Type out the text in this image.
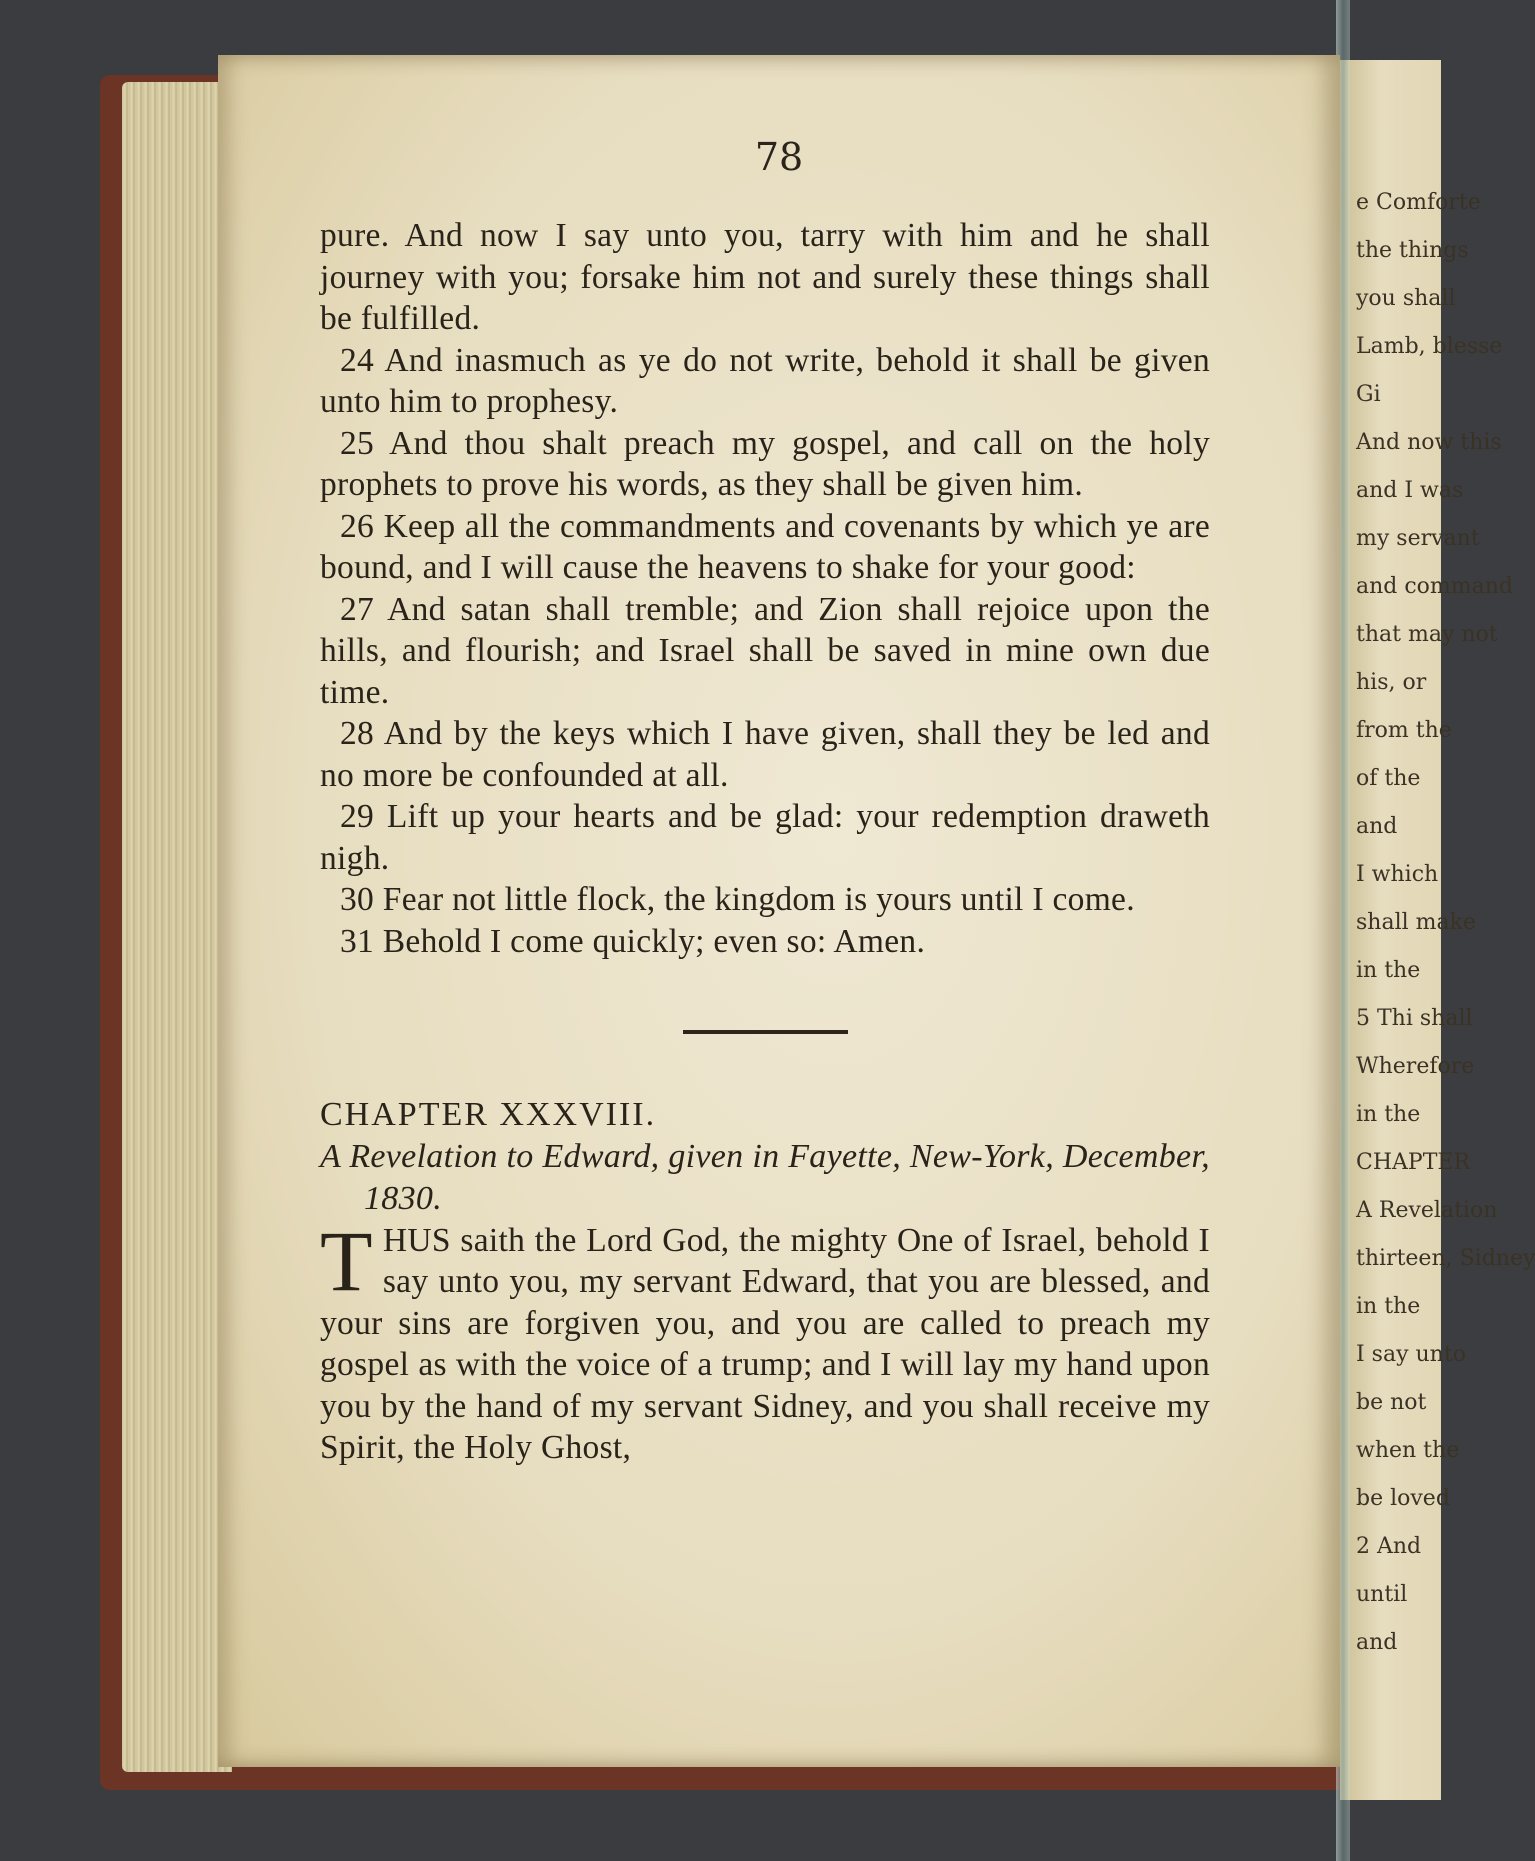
e Comforte
the things
you shall
Lamb, blesse
Gi
And now this
and I was
my servant
and command
that may not
his, or
from the
of the
and
I which
shall make
in the
5 Thi shall
Wherefore
in the
CHAPTER
A Revelation
thirteen, Sidney
in the
I say unto
be not
when the
be loved
2 And
until
and
78

pure. And now I say unto you, tarry with him and he shall journey with you; forsake him not and surely these things shall be fulfilled.

24 And inasmuch as ye do not write, behold it shall be given unto him to prophesy.

25 And thou shalt preach my gospel, and call on the holy prophets to prove his words, as they shall be given him.

26 Keep all the commandments and covenants by which ye are bound, and I will cause the heavens to shake for your good:

27 And satan shall tremble; and Zion shall rejoice upon the hills, and flourish; and Israel shall be saved in mine own due time.

28 And by the keys which I have given, shall they be led and no more be confounded at all.

29 Lift up your hearts and be glad: your redemption draweth nigh.

30 Fear not little flock, the kingdom is yours until I come.

31 Behold I come quickly; even so: Amen.

CHAPTER XXXVIII.

A Revelation to Edward, given in Fayette, New-York, December, 1830.

T HUS saith the Lord God, the mighty One of Israel, behold I say unto you, my servant Edward, that you are blessed, and your sins are forgiven you, and you are called to preach my gospel as with the voice of a trump; and I will lay my hand upon you by the hand of my servant Sidney, and you shall receive my Spirit, the Holy Ghost,
